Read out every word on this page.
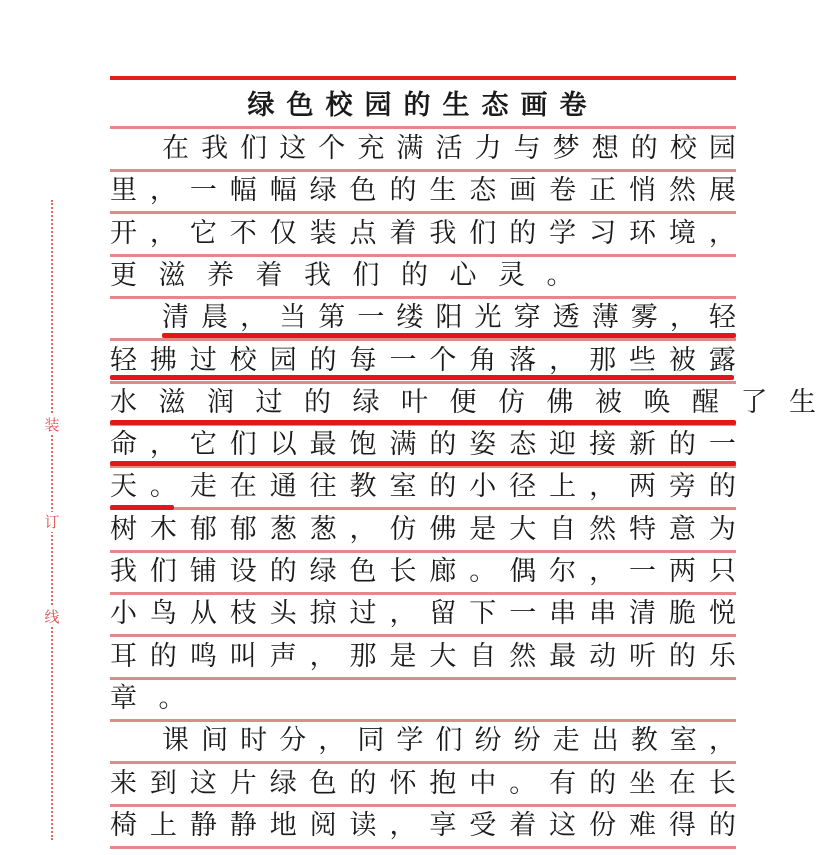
装
订
线
绿色校园的生态画卷
在 我 们 这 个 充 满 活 力 与 梦 想 的 校 园
里 ， 一 幅 幅 绿 色 的 生 态 画 卷 正 悄 然 展
开 ， 它 不 仅 装 点 着 我 们 的 学 习 环 境 ，
更 滋 养 着 我 们 的 心 灵 。
清 晨 ， 当 第 一 缕 阳 光 穿 透 薄 雾 ， 轻
轻 拂 过 校 园 的 每 一 个 角 落 ， 那 些 被 露
水 滋 润 过 的 绿 叶 便 仿 佛 被 唤 醒 了 生
命 ， 它 们 以 最 饱 满 的 姿 态 迎 接 新 的 一
天 。 走 在 通 往 教 室 的 小 径 上 ， 两 旁 的
树 木 郁 郁 葱 葱 ， 仿 佛 是 大 自 然 特 意 为
我 们 铺 设 的 绿 色 长 廊 。 偶 尔 ， 一 两 只
小 鸟 从 枝 头 掠 过 ， 留 下 一 串 串 清 脆 悦
耳 的 鸣 叫 声 ， 那 是 大 自 然 最 动 听 的 乐
章 。
课 间 时 分 ， 同 学 们 纷 纷 走 出 教 室 ，
来 到 这 片 绿 色 的 怀 抱 中 。 有 的 坐 在 长
椅 上 静 静 地 阅 读 ， 享 受 着 这 份 难 得 的
